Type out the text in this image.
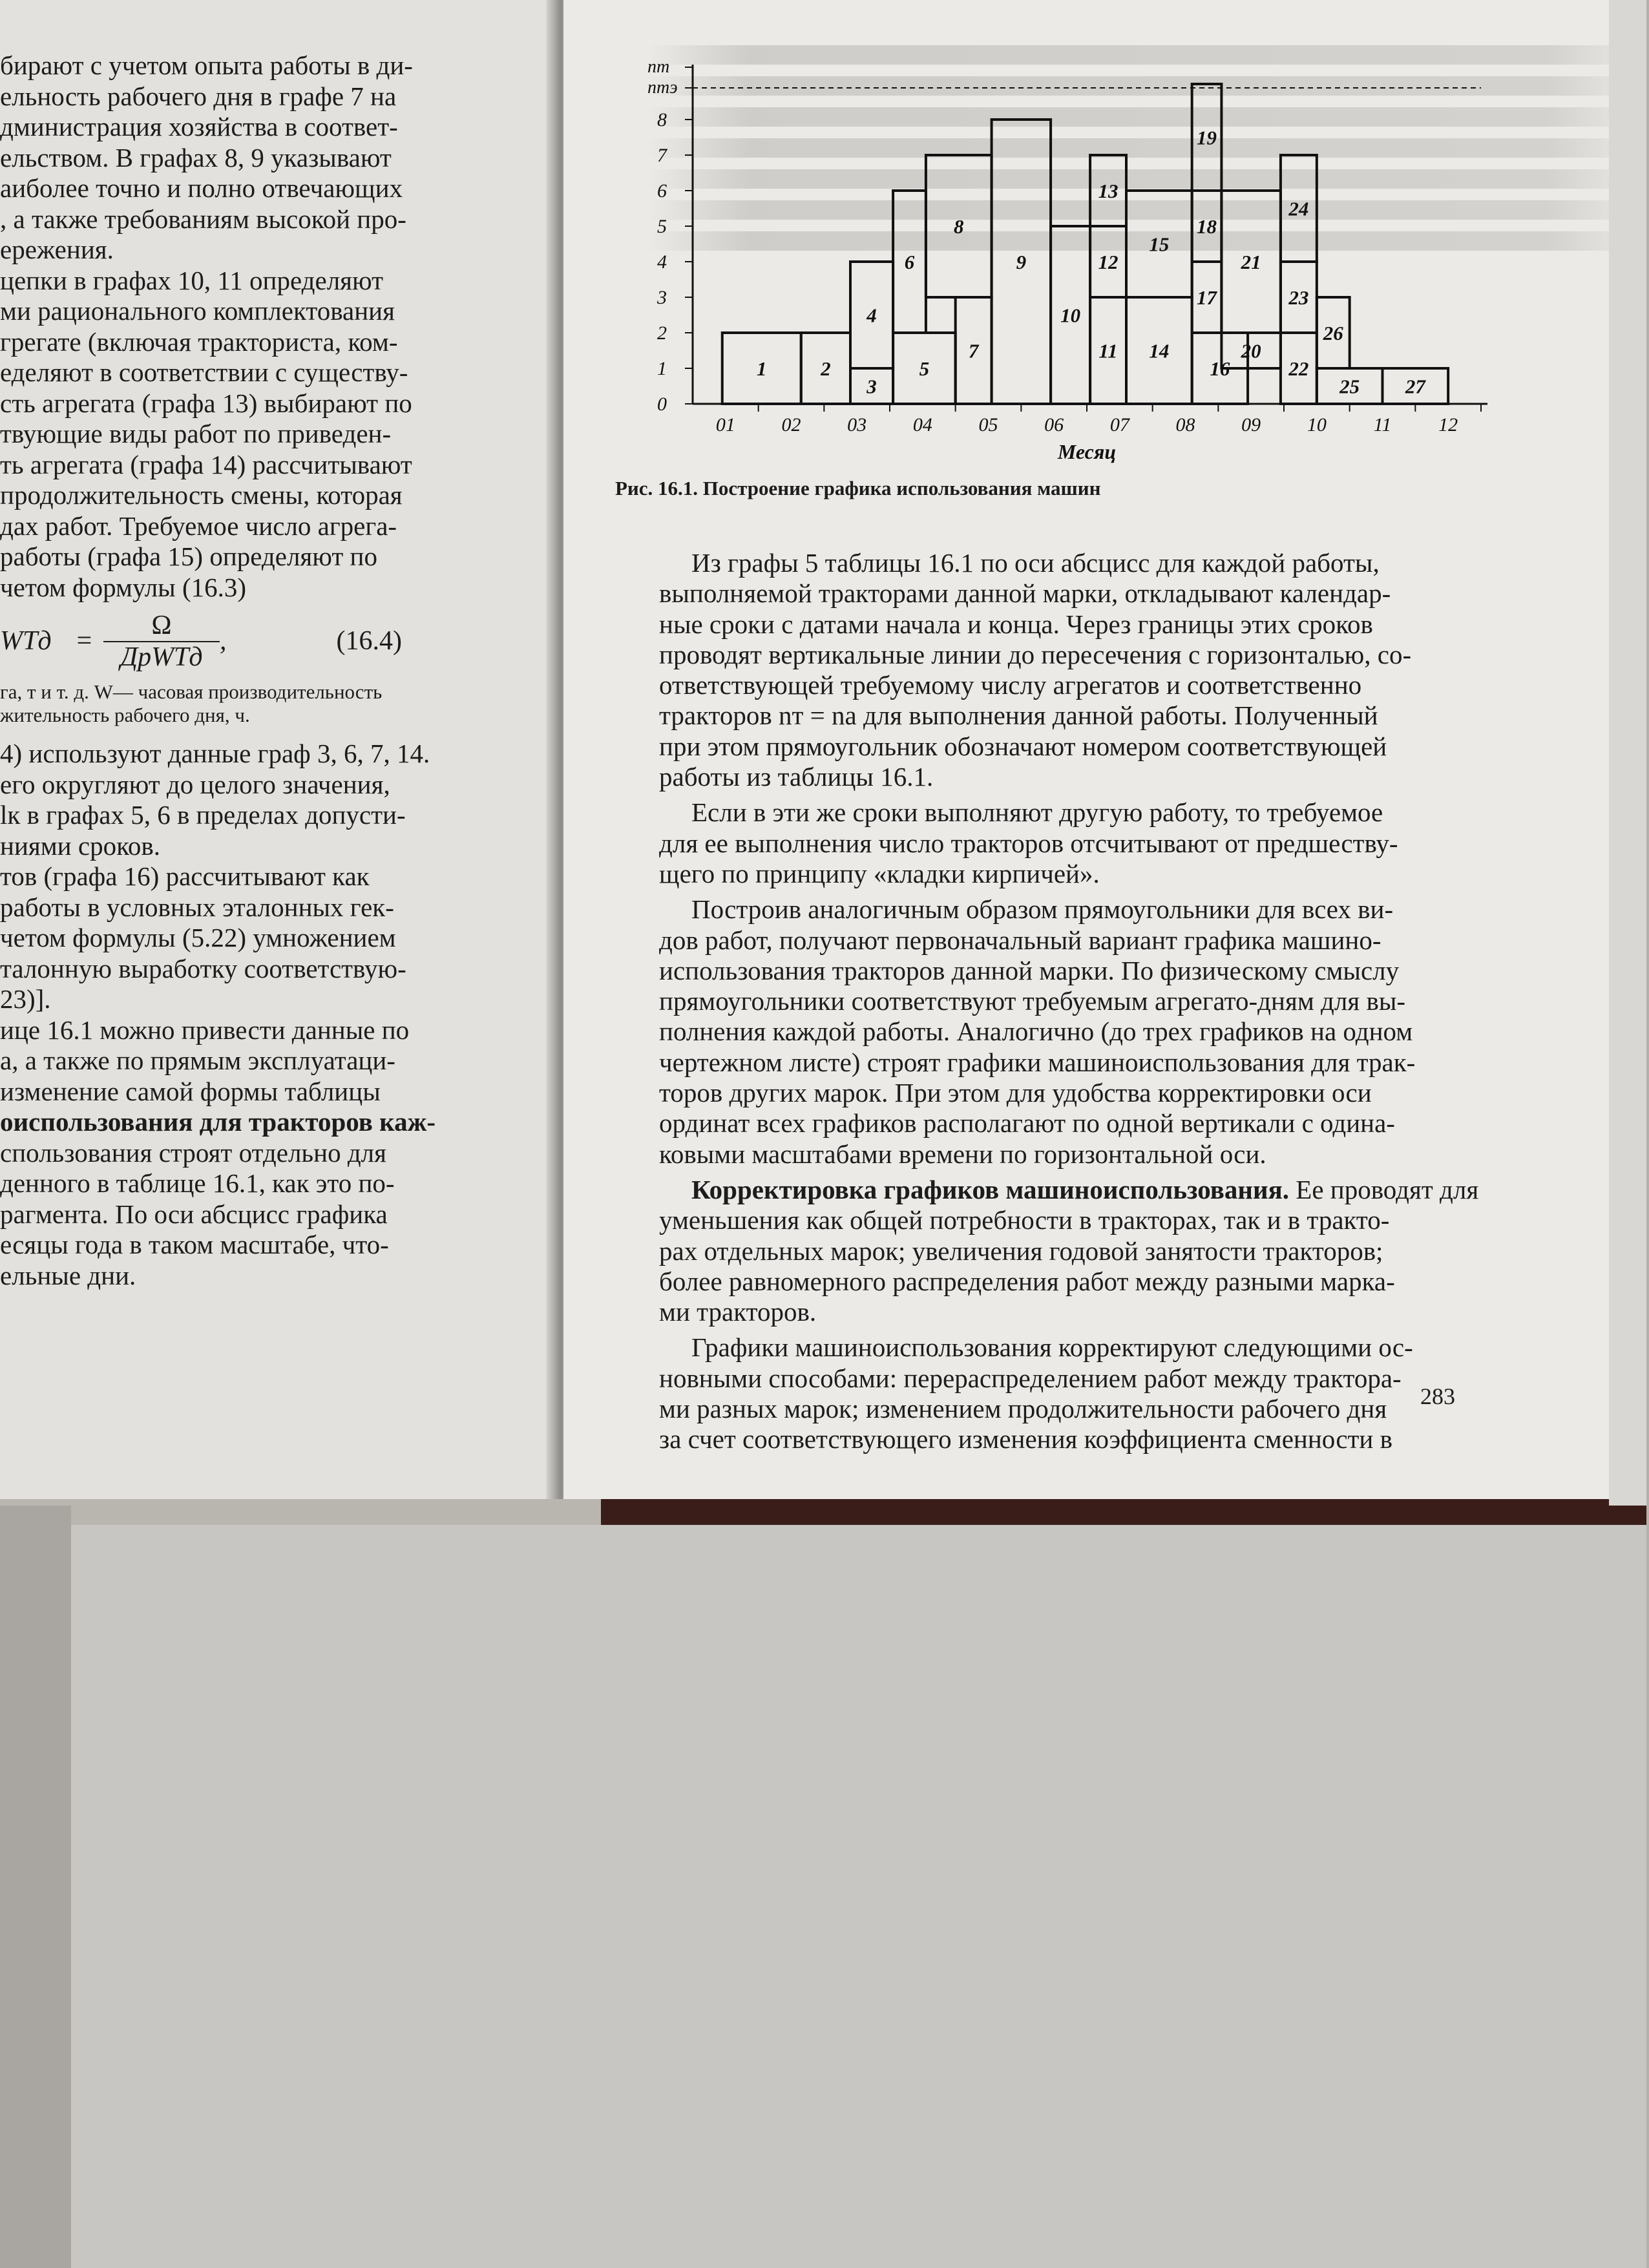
бирают с учетом опыта работы в ди-
ельность рабочего дня в графе 7 на
дминистрация хозяйства в соответ-
ельством. В графах 8, 9 указывают
аиболее точно и полно отвечающих
, а также требованиям высокой про-
ережения.
цепки в графах 10, 11 определяют
ми рационального комплектования
грегате (включая тракториста, ком-
еделяют в соответствии с существу-
сть агрегата (графа 13) выбирают по
твующие виды работ по приведен-
ть агрегата (графа 14) рассчитывают
продолжительность смены, которая
дах работ. Требуемое число агрега-
работы (графа 15) определяют по
четом формулы (16.3)
WTд = $\frac{\Omega}{\text{ДрWTд}}$ ,	(16.4)
га, т и т. д. W— часовая производительность
жительность рабочего дня, ч.
4) используют данные граф 3, 6, 7, 14.
его округляют до целого значения,
lк в графах 5, 6 в пределах допусти-
ниями сроков.
тов (графа 16) рассчитывают как
работы в условных эталонных гек-
четом формулы (5.22) умножением
талонную выработку соответствую-
23)].
ице 16.1 можно привести данные по
а, а также по прямым эксплуатаци-
изменение самой формы таблицы
оиспользования для тракторов каж-
спользования строят отдельно для
денного в таблице 16.1, как это по-
рагмента. По оси абсцисс графика
есяцы года в таком масштабе, что-
ельные дни.
0
1
2
3
4
5
6
7
8
nт
nтэ
01 02 03 04 05 06 07 08 09 10 11 12
Месяц
1	2
3
4
5
6
7
8
9
10
11
12
13
14
15
16
17
18
19
20
21
22
23
24
25
26
27
Рис. 16.1. Построение графика использования машин
Из графы 5 таблицы 16.1 по оси абсцисс для каждой работы,
выполняемой тракторами данной марки, откладывают календар-
ные сроки с датами начала и конца. Через границы этих сроков
проводят вертикальные линии до пересечения с горизонталью, со-
ответствующей требуемому числу агрегатов и соответственно
тракторов nт = nа для выполнения данной работы. Полученный
при этом прямоугольник обозначают номером соответствующей
работы из таблицы 16.1.
Если в эти же сроки выполняют другую работу, то требуемое
для ее выполнения число тракторов отсчитывают от предшеству-
щего по принципу «кладки кирпичей».
Построив аналогичным образом прямоугольники для всех ви-
дов работ, получают первоначальный вариант графика машино-
использования тракторов данной марки. По физическому смыслу
прямоугольники соответствуют требуемым агрегато-дням для вы-
полнения каждой работы. Аналогично (до трех графиков на одном
чертежном листе) строят графики машиноиспользования для трак-
торов других марок. При этом для удобства корректировки оси
ординат всех графиков располагают по одной вертикали с одина-
ковыми масштабами времени по горизонтальной оси.
Корректировка графиков машиноиспользования. Ее проводят для
уменьшения как общей потребности в тракторах, так и в тракто-
рах отдельных марок; увеличения годовой занятости тракторов;
более равномерного распределения работ между разными марка-
ми тракторов.
Графики машиноиспользования корректируют следующими ос-
новными способами: перераспределением работ между трактора-
ми разных марок; изменением продолжительности рабочего дня
за счет соответствующего изменения коэффициента сменности в
283
